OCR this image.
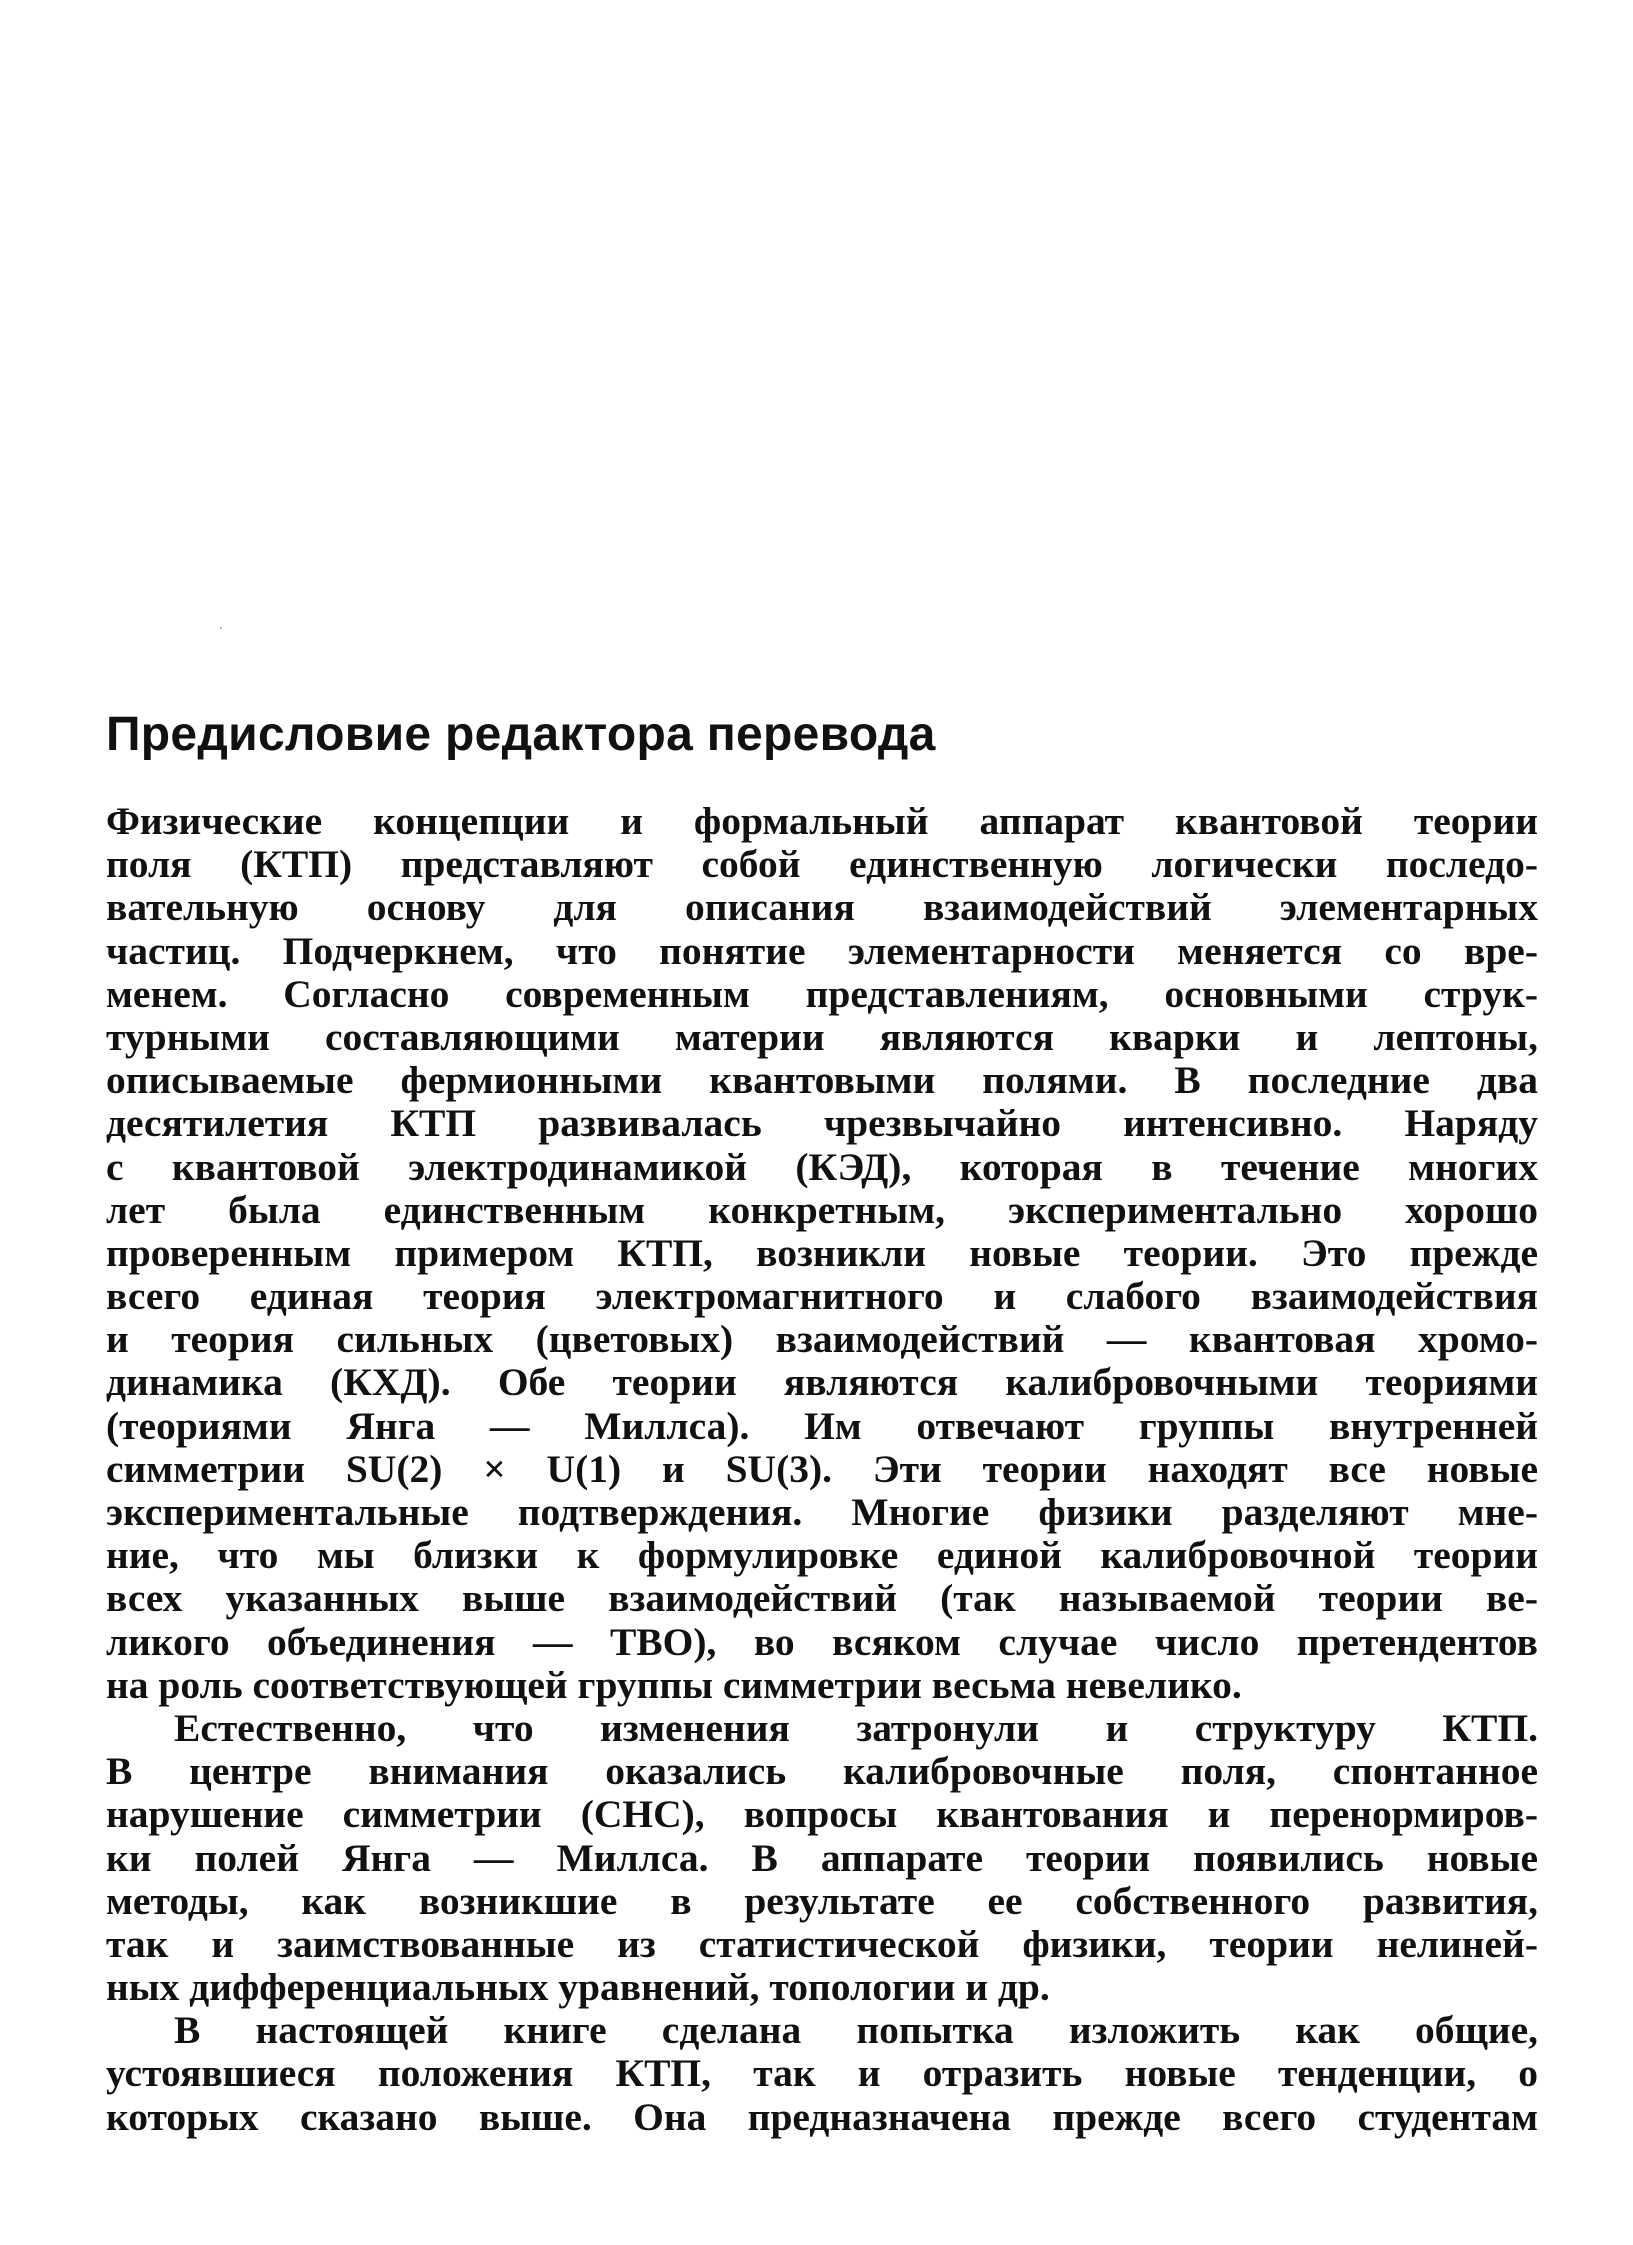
Предисловие редактора перевода
Физические концепции и формальный аппарат квантовой теории
поля (КТП) представляют собой единственную логически последо-
вательную основу для описания взаимодействий элементарных
частиц. Подчеркнем, что понятие элементарности меняется со вре-
менем. Согласно современным представлениям, основными струк-
турными составляющими материи являются кварки и лептоны,
описываемые фермионными квантовыми полями. В последние два
десятилетия КТП развивалась чрезвычайно интенсивно. Наряду
с квантовой электродинамикой (КЭД), которая в течение многих
лет была единственным конкретным, экспериментально хорошо
проверенным примером КТП, возникли новые теории. Это прежде
всего единая теория электромагнитного и слабого взаимодействия
и теория сильных (цветовых) взаимодействий — квантовая хромо-
динамика (КХД). Обе теории являются калибровочными теориями
(теориями Янга — Миллса). Им отвечают группы внутренней
симметрии SU(2) × U(1) и SU(3). Эти теории находят все новые
экспериментальные подтверждения. Многие физики разделяют мне-
ние, что мы близки к формулировке единой калибровочной теории
всех указанных выше взаимодействий (так называемой теории ве-
ликого объединения — ТВО), во всяком случае число претендентов
на роль соответствующей группы симметрии весьма невелико.
Естественно, что изменения затронули и структуру КТП.
В центре внимания оказались калибровочные поля, спонтанное
нарушение симметрии (СНС), вопросы квантования и перенормиров-
ки полей Янга — Миллса. В аппарате теории появились новые
методы, как возникшие в результате ее собственного развития,
так и заимствованные из статистической физики, теории нелиней-
ных дифференциальных уравнений, топологии и др.
В настоящей книге сделана попытка изложить как общие,
устоявшиеся положения КТП, так и отразить новые тенденции, о
которых сказано выше. Она предназначена прежде всего студентам
